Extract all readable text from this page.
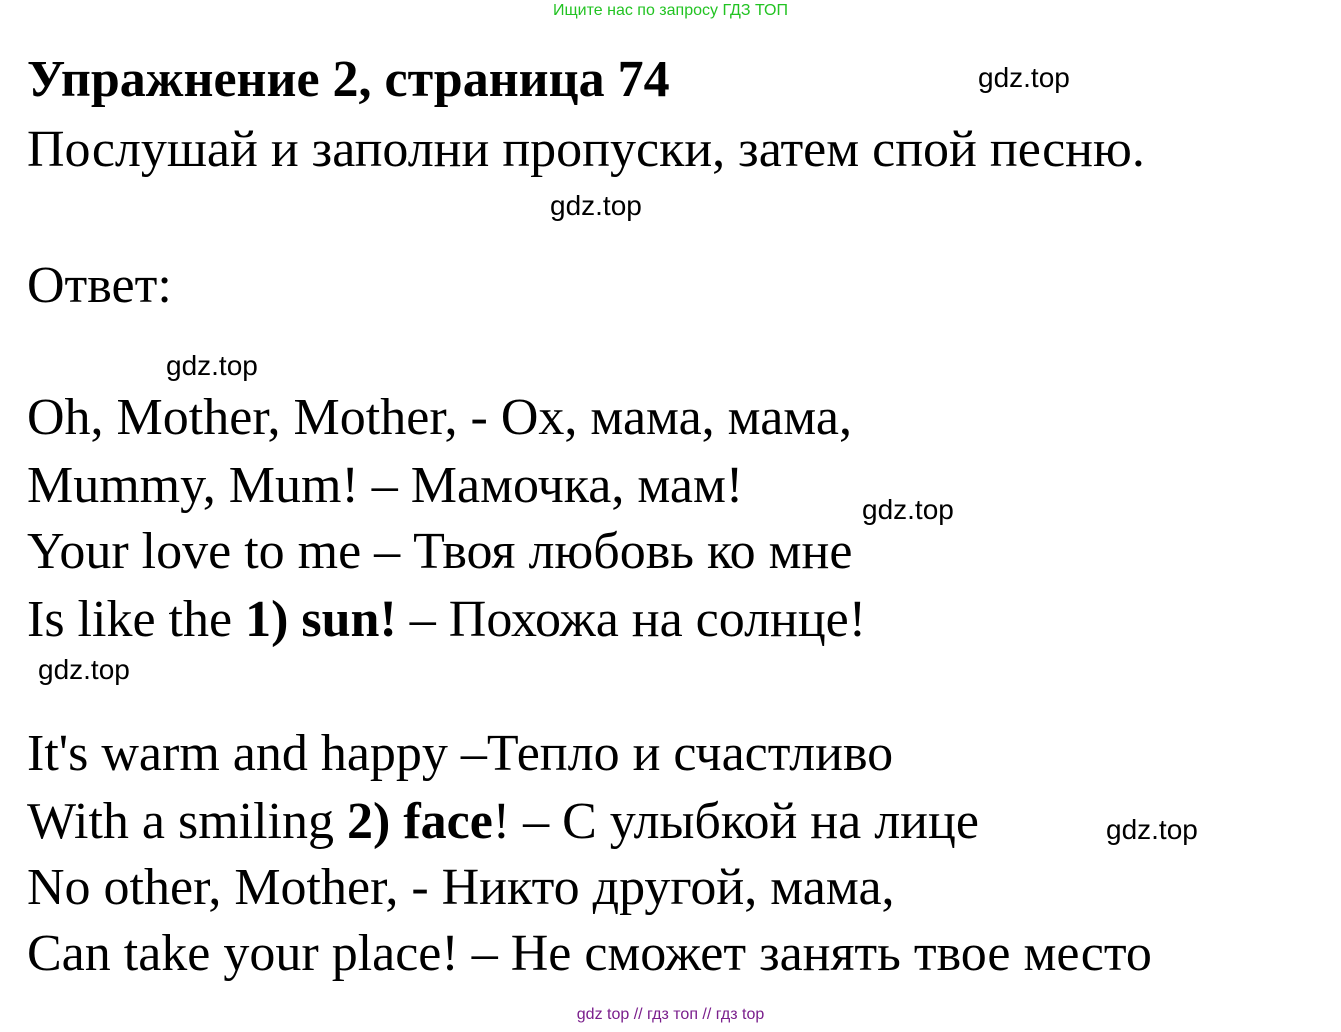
Ищите нас по запросу ГДЗ ТОП
Упражнение 2, страница 74	gdz.top
Послушай и заполни пропуски, затем спой песню.
gdz.top
Ответ:
gdz.top
Oh, Mother, Mother, - Ох, мама, мама,
Mummy, Mum! – Мамочка, мам!	gdz.top
Your love to me – Твоя любовь ко мне
Is like the 1) sun! – Похожа на солнце!
gdz.top
It's warm and happy –Тепло и счастливо
With a smiling 2) face! – С улыбкой на лице	gdz.top
No other, Mother, - Никто другой, мама,
Can take your place! – Не сможет занять твое место
gdz top // гдз топ // гдз top
